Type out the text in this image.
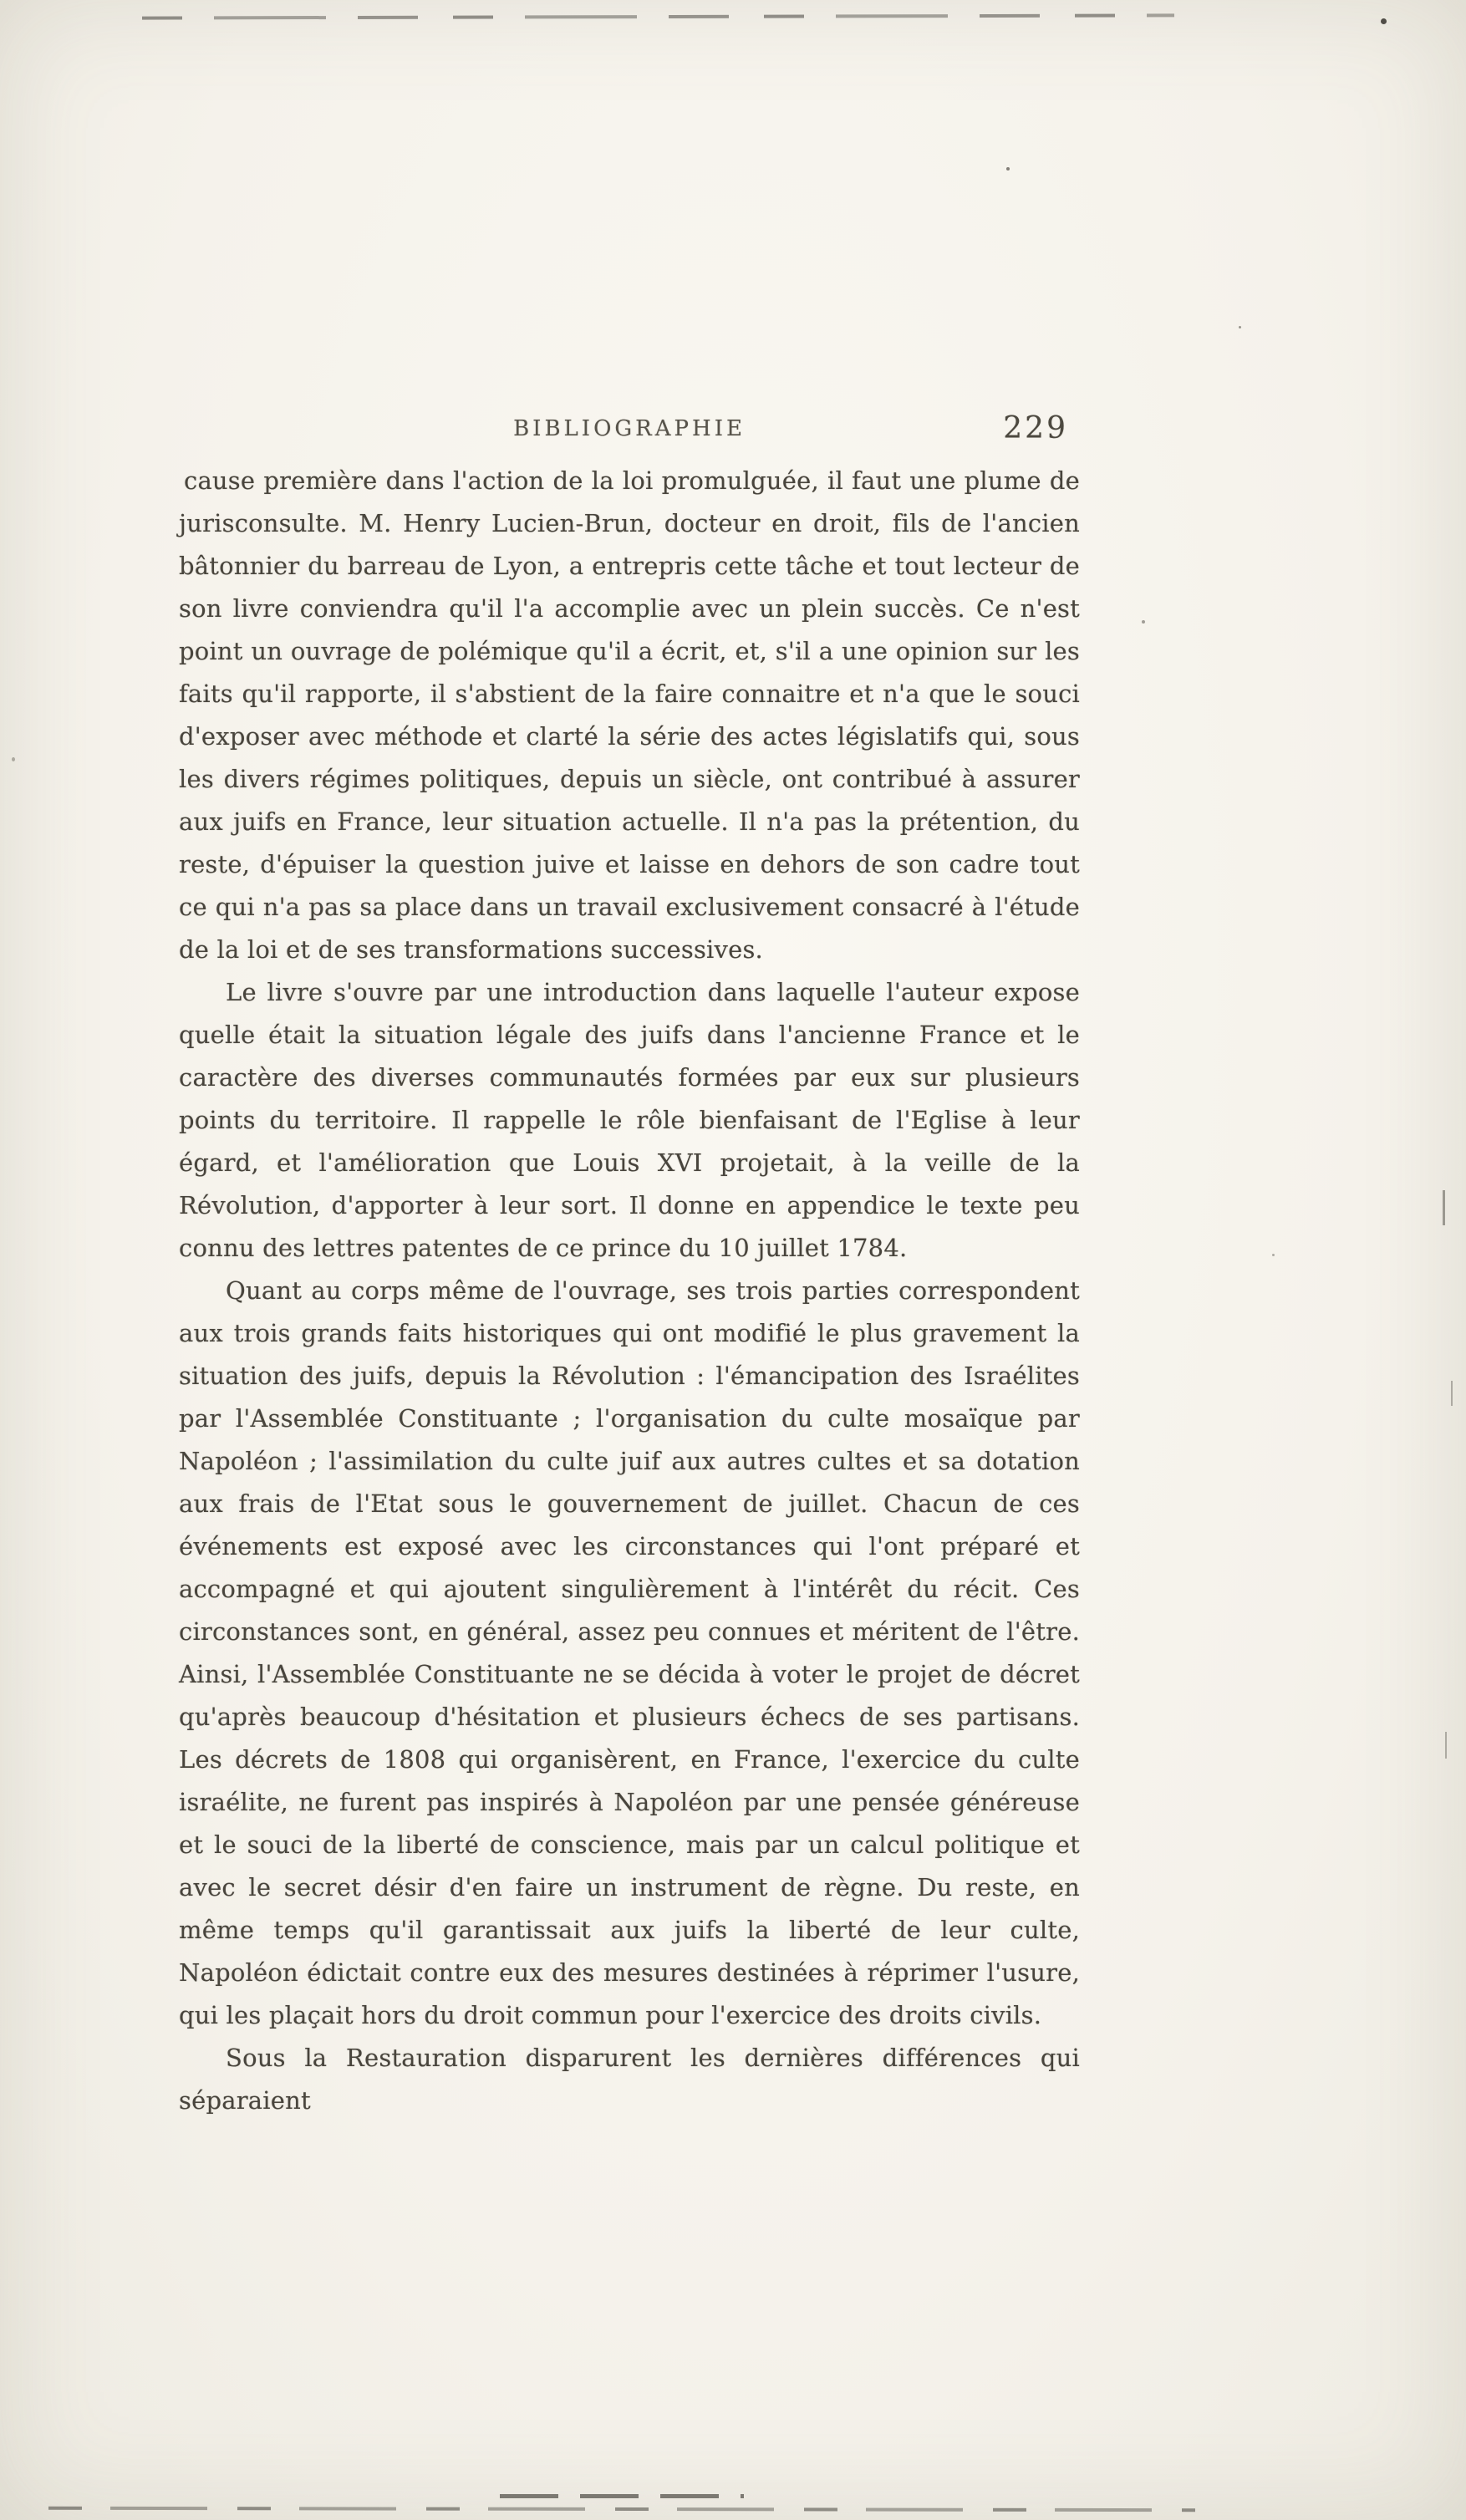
BIBLIOGRAPHIE	229

cause première dans l'action de la loi promulguée, il faut une plume de jurisconsulte. M. Henry Lucien-Brun, docteur en droit, fils de l'ancien bâtonnier du barreau de Lyon, a entrepris cette tâche et tout lecteur de son livre conviendra qu'il l'a accomplie avec un plein succès. Ce n'est point un ouvrage de polémique qu'il a écrit, et, s'il a une opinion sur les faits qu'il rapporte, il s'abstient de la faire connaitre et n'a que le souci d'exposer avec méthode et clarté la série des actes législatifs qui, sous les divers régimes politiques, depuis un siècle, ont contribué à assurer aux juifs en France, leur situation actuelle. Il n'a pas la prétention, du reste, d'épuiser la question juive et laisse en dehors de son cadre tout ce qui n'a pas sa place dans un travail exclusivement consacré à l'étude de la loi et de ses transformations successives.

Le livre s'ouvre par une introduction dans laquelle l'auteur expose quelle était la situation légale des juifs dans l'ancienne France et le caractère des diverses communautés formées par eux sur plusieurs points du territoire. Il rappelle le rôle bienfaisant de l'Eglise à leur égard, et l'amélioration que Louis XVI projetait, à la veille de la Révolution, d'apporter à leur sort. Il donne en appendice le texte peu connu des lettres patentes de ce prince du 10 juillet 1784.

Quant au corps même de l'ouvrage, ses trois parties correspondent aux trois grands faits historiques qui ont modifié le plus gravement la situation des juifs, depuis la Révolution : l'émancipation des Israélites par l'Assemblée Constituante ; l'organisation du culte mosaïque par Napoléon ; l'assimilation du culte juif aux autres cultes et sa dotation aux frais de l'Etat sous le gouvernement de juillet. Chacun de ces événements est exposé avec les circonstances qui l'ont préparé et accompagné et qui ajoutent singulièrement à l'intérêt du récit. Ces circonstances sont, en général, assez peu connues et méritent de l'être. Ainsi, l'Assemblée Constituante ne se décida à voter le projet de décret qu'après beaucoup d'hésitation et plusieurs échecs de ses partisans. Les décrets de 1808 qui organisèrent, en France, l'exercice du culte israélite, ne furent pas inspirés à Napoléon par une pensée généreuse et le souci de la liberté de conscience, mais par un calcul politique et avec le secret désir d'en faire un instrument de règne. Du reste, en même temps qu'il garantissait aux juifs la liberté de leur culte, Napoléon édictait contre eux des mesures destinées à réprimer l'usure, qui les plaçait hors du droit commun pour l'exercice des droits civils.

Sous la Restauration disparurent les dernières différences qui séparaient
